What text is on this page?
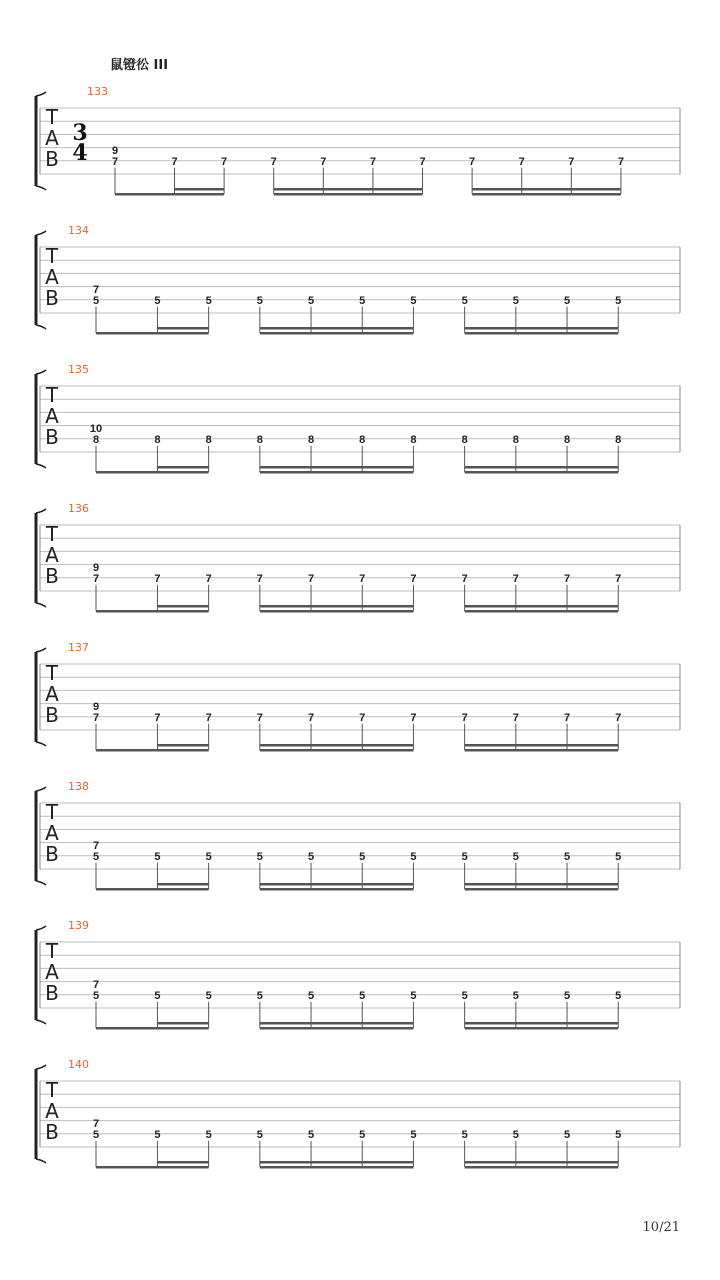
鼠镫彸 III
133
T
A
B
3
4 7
9
7	7	7	7	7	7	7	7	7	7
134
T
A
B	5
7
5	5	5	5	5	5	5	5	5	5
135
T
A
B	8
10
8	8	8	8	8	8	8	8	8	8
136
T
A
B	7
9
7	7	7	7	7	7	7	7	7	7
137
T
A
B	7
9
7	7	7	7	7	7	7	7	7	7
138
T
A
B	5
7
5	5	5	5	5	5	5	5	5	5
139
T
A
B	5
7
5	5	5	5	5	5	5	5	5	5
140
T
A
B	5
7
5	5	5	5	5	5	5	5	5	5
10/21
